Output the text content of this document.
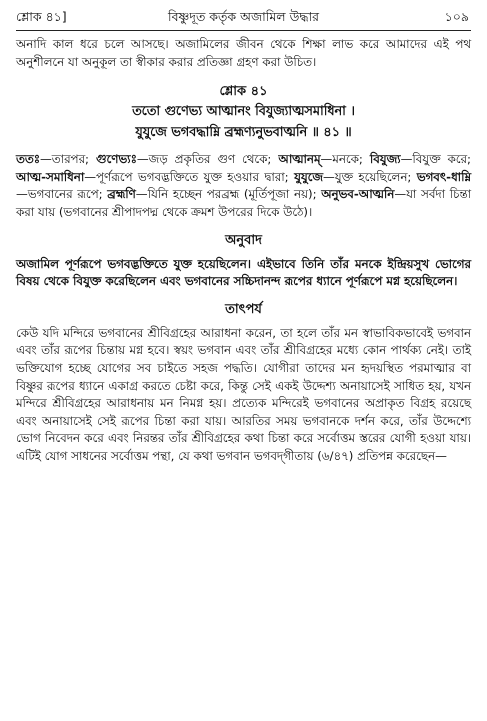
শ্লোক ৪১]	বিষ্ণুদূত কর্তৃক অজামিল উদ্ধার	১০৯

অনাদি কাল ধরে চলে আসছে। অজামিলের জীবন থেকে শিক্ষা লাভ করে আমাদের এই পথ অনুশীলনে যা অনুকূল তা স্বীকার করার প্রতিজ্ঞা গ্রহণ করা উচিত।

শ্লোক ৪১
ততো গুণেভ্য আত্মানং বিযুজ্যাত্মসমাধিনা ।
যুযুজে ভগবদ্ধাম্নি ব্রহ্মণ্যনুভবাত্মনি ॥ ৪১ ॥

ততঃ—তারপর; গুণেভ্যঃ—জড় প্রকৃতির গুণ থেকে; আত্মানম্—মনকে; বিযুজ্য—বিযুক্ত করে; আত্ম-সমাধিনা—পূর্ণরূপে ভগবদ্ভক্তিতে যুক্ত হওয়ার দ্বারা; যুযুজে—যুক্ত হয়েছিলেন; ভগবৎ-ধাম্নি—ভগবানের রূপে; ব্রহ্মণি—যিনি হচ্ছেন পরব্রহ্ম (মূর্তিপূজা নয়); অনুভব-আত্মনি—যা সর্বদা চিন্তা করা যায় (ভগবানের শ্রীপাদপদ্ম থেকে ক্রমশ উপরের দিকে উঠে)।

অনুবাদ

অজামিল পূর্ণরূপে ভগবদ্ভক্তিতে যুক্ত হয়েছিলেন। এইভাবে তিনি তাঁর মনকে ইন্দ্রিয়সুখ ভোগের বিষয় থেকে বিযুক্ত করেছিলেন এবং ভগবানের সচ্চিদানন্দ রূপের ধ্যানে পূর্ণরূপে মগ্ন হয়েছিলেন।

তাৎপর্য

কেউ যদি মন্দিরে ভগবানের শ্রীবিগ্রহের আরাধনা করেন, তা হলে তাঁর মন স্বাভাবিকভাবেই ভগবান এবং তাঁর রূপের চিন্তায় মগ্ন হবে। স্বয়ং ভগবান এবং তাঁর শ্রীবিগ্রহের মধ্যে কোন পার্থক্য নেই। তাই ভক্তিযোগ হচ্ছে যোগের সব চাইতে সহজ পদ্ধতি। যোগীরা তাদের মন হৃদয়স্থিত পরমাত্মার বা বিষ্ণুর রূপের ধ্যানে একাগ্র করতে চেষ্টা করে, কিন্তু সেই একই উদ্দেশ্য অনায়াসেই সাধিত হয়, যখন মন্দিরে শ্রীবিগ্রহের আরাধনায় মন নিমগ্ন হয়। প্রত্যেক মন্দিরেই ভগবানের অপ্রাকৃত বিগ্রহ রয়েছে এবং অনায়াসেই সেই রূপের চিন্তা করা যায়। আরতির সময় ভগবানকে দর্শন করে, তাঁর উদ্দেশ্যে ভোগ নিবেদন করে এবং নিরন্তর তাঁর শ্রীবিগ্রহের কথা চিন্তা করে সর্বোত্তম স্তরের যোগী হওয়া যায়। এটিই যোগ সাধনের সর্বোত্তম পন্থা, যে কথা ভগবান ভগবদ্‌গীতায় (৬/৪৭) প্রতিপন্ন করেছেন—
